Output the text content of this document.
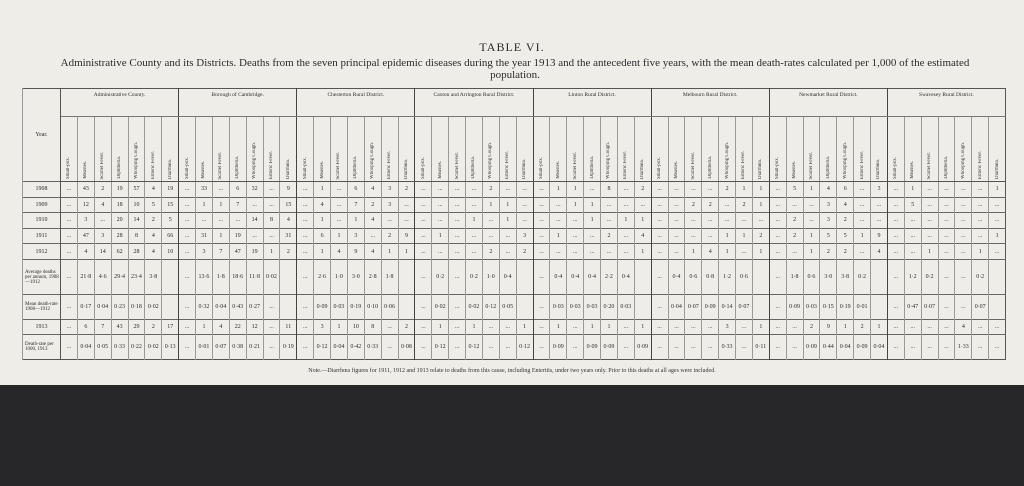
TABLE VI.
Administrative County and its Districts. Deaths from the seven principal epidemic diseases during the year 1913 and the antecedent five years, with the mean death-rates calculated per 1,000 of the estimated population.
Year.	Administrative County.							Borough of Cambridge.							Chesterton Rural District.							Caxton and Arrington Rural District.							Linton Rural District.							Melbourn Rural District.							Newmarket Rural District.							Swavesey Rural District.						
	Small-pox.	Measles.	Scarlet Fever.	Diphtheria.	Whooping Cough.	Enteric Fever.	Diarrhœa.	Small-pox.	Measles.	Scarlet Fever.	Diphtheria.	Whooping Cough.	Enteric Fever.	Diarrhœa.	Small-pox.	Measles.	Scarlet Fever.	Diphtheria.	Whooping Cough.	Enteric Fever.	Diarrhœa.	Small-pox.	Measles.	Scarlet Fever.	Diphtheria.	Whooping Cough.	Enteric Fever.	Diarrhœa.	Small-pox.	Measles.	Scarlet Fever.	Diphtheria.	Whooping Cough.	Enteric Fever.	Diarrhœa.	Small-pox.	Measles.	Scarlet Fever.	Diphtheria.	Whooping Cough.	Enteric Fever.	Diarrhœa.	Small-pox.	Measles.	Scarlet Fever.	Diphtheria.	Whooping Cough.	Enteric Fever.	Diarrhœa.	Small-pox.	Measles.	Scarlet Fever.	Diphtheria.	Whooping Cough.	Enteric Fever.	Diarrhœa.
1908	...	43	2	19	57	4	19	...	33	...	6	32	...	9	...	1	...	6	4	3	2	...	...	...	...	2	...	...	...	1	1	...	8	...	2	...	...	...	...	2	1	1	...	5	1	4	6	...	3	...	1	...	...	...	...	1
1909	...	12	4	18	10	5	15	...	1	1	7	...	...	15	...	4	...	7	2	3	...	...	...	...	...	1	1	...	...	...	1	1	...	...	...	...	...	2	2	...	2	1	...	...	...	3	4	...	...	...	5	...	...	...	...	...
1910	...	3	...	20	14	2	5	...	...	...	...	14	8	4	...	1	...	1	4	...	...	...	...	...	1	...	1	...	...	...	...	1	...	1	1	...	...	...	...	...	...	...	...	2	...	3	2	...	...	...	...	...	...	...	...	...
1911	...	47	3	28	8	4	66	...	31	1	19	...	...	31	...	6	1	3	...	2	9	...	1	...	...	...	...	3	...	1	...	...	2	...	4	...	...	...	...	1	1	2	...	2	1	5	5	1	9	...	...	...	...	...	...	1
1912	...	4	14	62	28	4	10	...	3	7	47	19	1	2	...	1	4	9	4	1	1	...	...	...	...	2	...	2	...	...	...	...	...	...	1	...	...	1	4	1	...	1	...	...	1	2	2	...	4	...	...	1	...	...	1	...
Average deaths per annum, 1908—1912	...	21·8	4·6	29·4	23·4	3·8		...	13·6	1·8	18·6	11·8	0·02		...	2·6	1·0	3·0	2·8	1·8		...	0·2	...	0·2	1·0	0·4		...	0·4	0·4	0·4	2·2	0·4		...	0·4	0·6	0·8	1·2	0·6		...	1·8	0·6	3·0	3·8	0·2		...	1·2	0·2	...	...	0·2	
Mean death-rate 1908—1912	...	0·17	0·04	0·23	0·18	0·02		...	0·32	0·04	0·43	0·27	...		...	0·09	0·03	0·19	0·10	0·06		...	0·02	...	0·02	0·12	0·05		...	0·03	0·03	0·03	0·20	0·03		...	0·04	0·07	0·09	0·14	0·07		...	0·09	0·03	0·15	0·19	0·01		...	0·47	0·07	...	...	0·07	
1913	...	6	7	43	29	2	17	...	1	4	22	12	...	11	...	3	1	10	8	...	2	...	1	...	1	...	...	1	...	1	...	1	1	...	1	...	...	...	...	3	...	1	...	...	2	9	1	2	1	...	...	...	...	4	...	...
Death-rate per 1000, 1913	...	0·04	0·05	0·33	0·22	0·02	0·13	...	0·01	0·07	0·38	0·21	...	0·19	...	0·12	0·04	0·42	0·33	...	0·08	...	0·12	...	0·12	...	...	0·12	...	0·09	...	0·09	0·09	...	0·09	...	...	...	...	0·33	...	0·11	...	...	0·09	0·44	0·04	0·09	0·04	...	...	...	...	1·33	...	...
Note.—Diarrhœa figures for 1911, 1912 and 1913 relate to deaths from this cause, including Enteritis, under two years only. Prior to this deaths at all ages were included.
